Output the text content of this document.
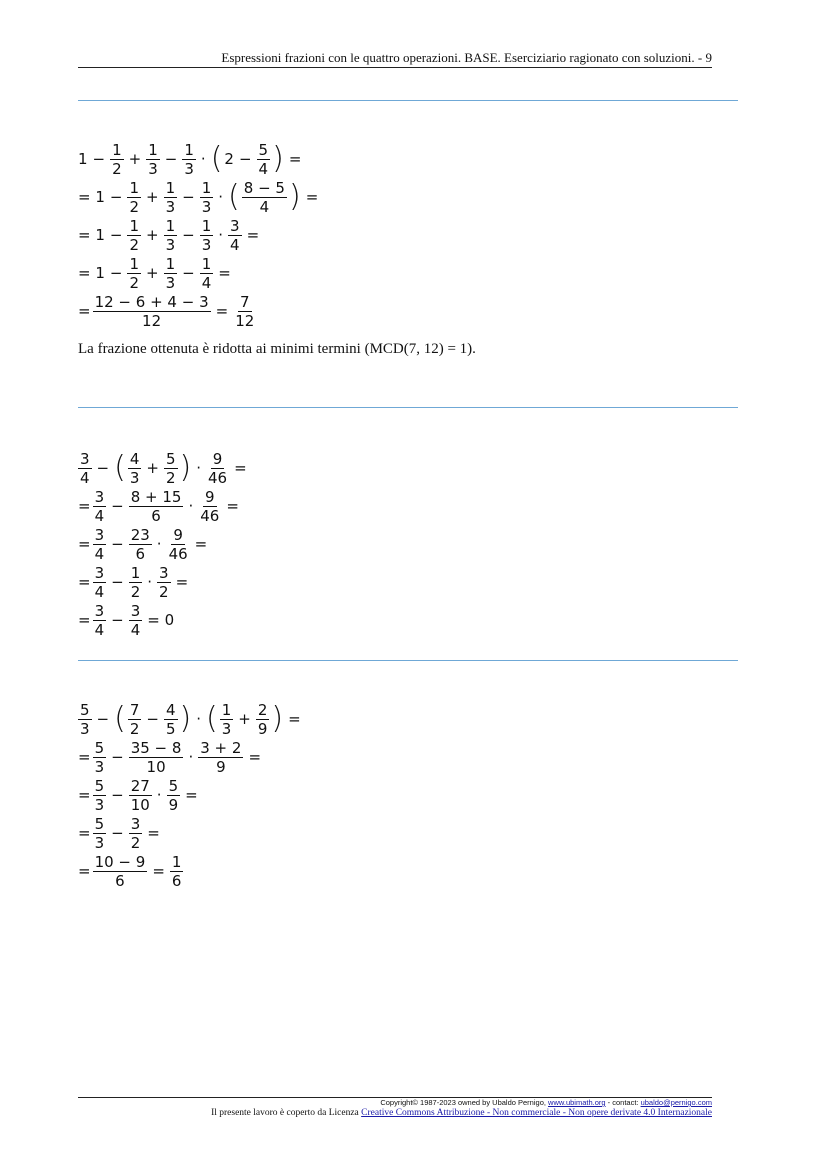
Espressioni frazioni con le quattro operazioni. BASE. Eserciziario ragionato con soluzioni. - 9
$1 - \frac{1}{2} + \frac{1}{3} - \frac{1}{3}$ · ( $2 - \frac{5}{4}$ ) =
= $1 - \frac{1}{2} + \frac{1}{3} - \frac{1}{3}$ · ( $\frac{8 - 5}{4}$ ) =
= $1 - \frac{1}{2} + \frac{1}{3} - \frac{1}{3} \cdot \frac{3}{4}$ =
= $1 - \frac{1}{2} + \frac{1}{3} - \frac{1}{4}$ =
= $\frac{12 - 6 + 4 - 3}{12} = \frac{7}{12}$
La frazione ottenuta è ridotta ai minimi termini (MCD(7, 12) = 1).
$\frac{3}{4}$ − ( $\frac{4}{3} + \frac{5}{2}$ ) · $\frac{9}{46}$ =
= $\frac{3}{4} - \frac{8 + 15}{6} \cdot \frac{9}{46}$ =
= $\frac{3}{4} - \frac{23}{6} \cdot \frac{9}{46}$ =
= $\frac{3}{4} - \frac{1}{2} \cdot \frac{3}{2}$ =
= $\frac{3}{4} - \frac{3}{4} = 0$
$\frac{5}{3}$ − ( $\frac{7}{2} - \frac{4}{5}$ ) · ( $\frac{1}{3} + \frac{2}{9}$ ) =
= $\frac{5}{3} - \frac{35 - 8}{10} \cdot \frac{3 + 2}{9}$ =
= $\frac{5}{3} - \frac{27}{10} \cdot \frac{5}{9}$ =
= $\frac{5}{3} - \frac{3}{2}$ =
= $\frac{10 - 9}{6} = \frac{1}{6}$
Copyright© 1987-2023 owned by Ubaldo Pernigo, www.ubimath.org - contact: ubaldo@pernigo.com
Il presente lavoro è coperto da Licenza Creative Commons Attribuzione - Non commerciale - Non opere derivate 4.0 Internazionale
